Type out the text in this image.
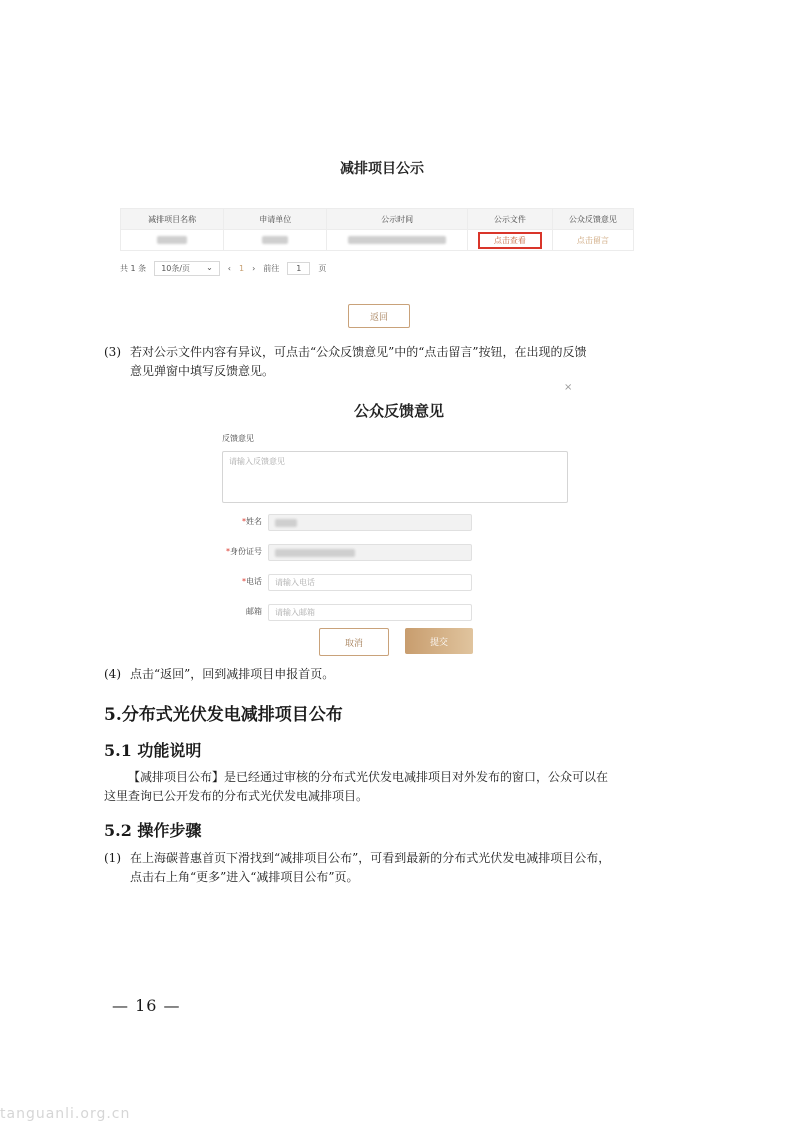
减排项目公示
减排项目名称	申请单位	公示时间	公示文件	公众反馈意见
			点击查看	点击留言
共 1 条 10条/页 ⌄ ‹ 1 › 前往	1	页
返回
(3) 若对公示文件内容有异议，可点击“公众反馈意见”中的“点击留言”按钮，在出现的反馈
意见弹窗中填写反馈意见。
×
公众反馈意见
反馈意见
请输入反馈意见
*姓名
*身份证号
*电话	请输入电话
邮箱	请输入邮箱
取消	提交
(4) 点击“返回”，回到减排项目申报首页。
5.分布式光伏发电减排项目公布
5.1 功能说明
【减排项目公布】是已经通过审核的分布式光伏发电减排项目对外发布的窗口，公众可以在
这里查询已公开发布的分布式光伏发电减排项目。
5.2 操作步骤
(1) 在上海碳普惠首页下滑找到“减排项目公布”，可看到最新的分布式光伏发电减排项目公布，
点击右上角“更多”进入“减排项目公布”页。
— 16 —
tanguanli.org.cn
